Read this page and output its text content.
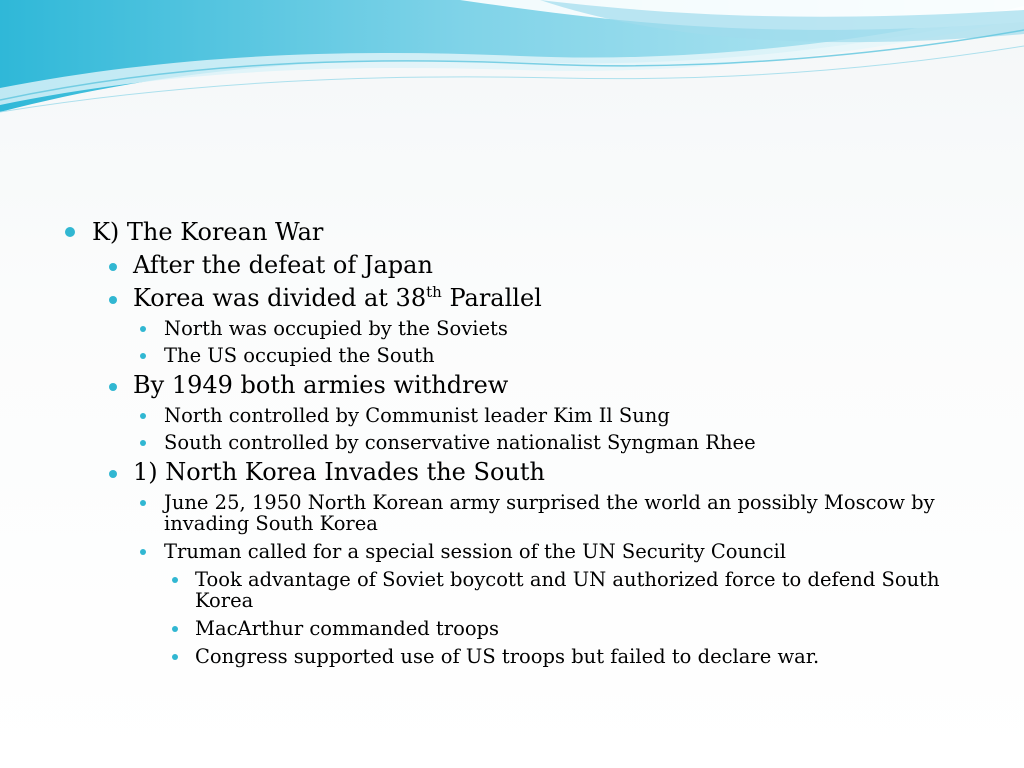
K) The Korean War
After the defeat of Japan
Korea was divided at 38th Parallel
North was occupied by the Soviets
The US occupied the South
By 1949 both armies withdrew
North controlled by Communist leader Kim Il Sung
South controlled by conservative nationalist Syngman Rhee
1) North Korea Invades the South
June 25, 1950 North Korean army surprised the world an possibly Moscow by
invading South Korea
Truman called for a special session of the UN Security Council
Took advantage of Soviet boycott and UN authorized force to defend South
Korea
MacArthur commanded troops
Congress supported use of US troops but failed to declare war.
